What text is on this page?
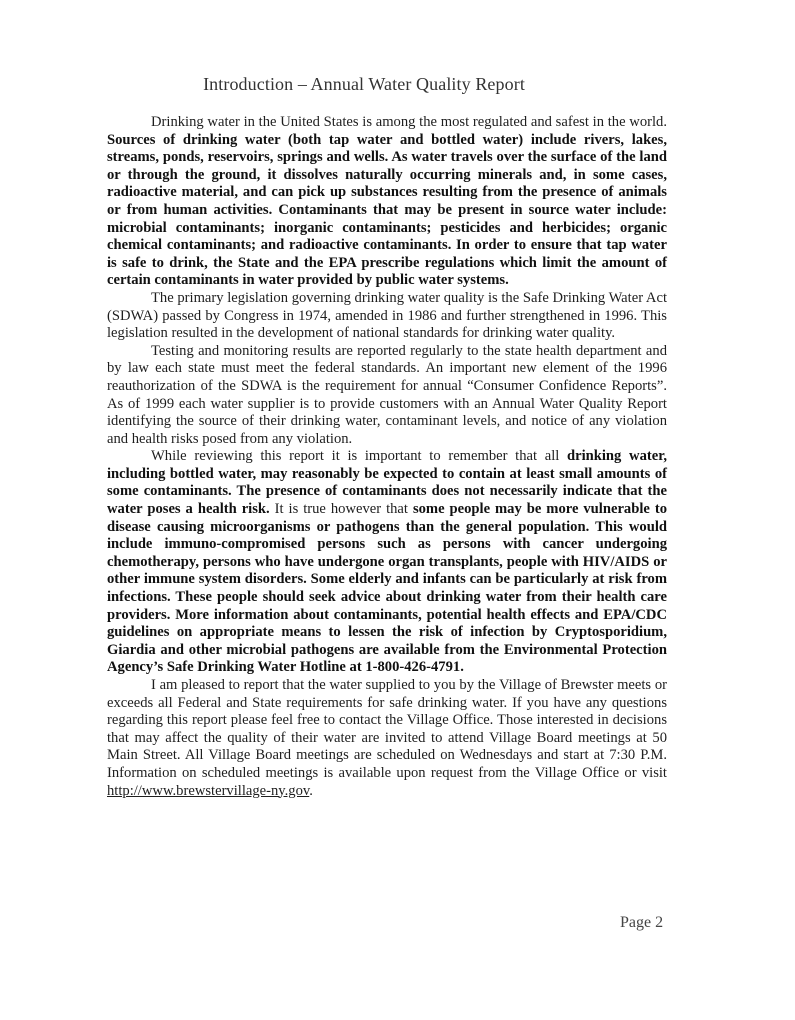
Introduction – Annual Water Quality Report

Drinking water in the United States is among the most regulated and safest in the world. Sources of drinking water (both tap water and bottled water) include rivers, lakes, streams, ponds, reservoirs, springs and wells. As water travels over the surface of the land or through the ground, it dissolves naturally occurring minerals and, in some cases, radioactive material, and can pick up substances resulting from the presence of animals or from human activities. Contaminants that may be present in source water include: microbial contaminants; inorganic contaminants; pesticides and herbicides; organic chemical contaminants; and radioactive contaminants. In order to ensure that tap water is safe to drink, the State and the EPA prescribe regulations which limit the amount of certain contaminants in water provided by public water systems.

The primary legislation governing drinking water quality is the Safe Drinking Water Act (SDWA) passed by Congress in 1974, amended in 1986 and further strengthened in 1996. This legislation resulted in the development of national standards for drinking water quality.

Testing and monitoring results are reported regularly to the state health department and by law each state must meet the federal standards. An important new element of the 1996 reauthorization of the SDWA is the requirement for annual “Consumer Confidence Reports”. As of 1999 each water supplier is to provide customers with an Annual Water Quality Report identifying the source of their drinking water, contaminant levels, and notice of any violation and health risks posed from any violation.

While reviewing this report it is important to remember that all drinking water, including bottled water, may reasonably be expected to contain at least small amounts of some contaminants. The presence of contaminants does not necessarily indicate that the water poses a health risk. It is true however that some people may be more vulnerable to disease causing microorganisms or pathogens than the general population. This would include immuno-compromised persons such as persons with cancer undergoing chemotherapy, persons who have undergone organ transplants, people with HIV/AIDS or other immune system disorders. Some elderly and infants can be particularly at risk from infections. These people should seek advice about drinking water from their health care providers. More information about contaminants, potential health effects and EPA/CDC guidelines on appropriate means to lessen the risk of infection by Cryptosporidium, Giardia and other microbial pathogens are available from the Environmental Protection Agency’s Safe Drinking Water Hotline at 1-800-426-4791.

I am pleased to report that the water supplied to you by the Village of Brewster meets or exceeds all Federal and State requirements for safe drinking water. If you have any questions regarding this report please feel free to contact the Village Office. Those interested in decisions that may affect the quality of their water are invited to attend Village Board meetings at 50 Main Street. All Village Board meetings are scheduled on Wednesdays and start at 7:30 P.M. Information on scheduled meetings is available upon request from the Village Office or visit http://www.brewstervillage-ny.gov.

Page 2
